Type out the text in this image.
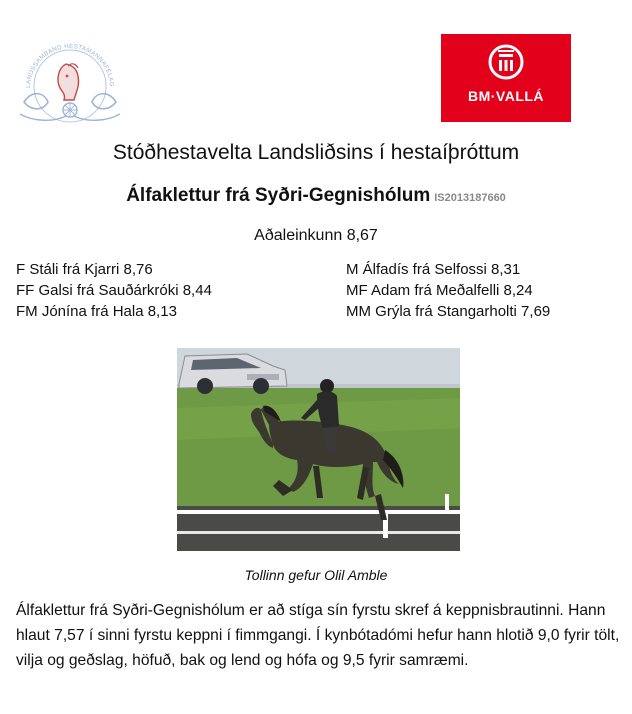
LANDSSAMBAND HESTAMANNAFÉLAG
BM·VALLÁ
Stóðhestavelta Landsliðsins í hestaíþróttum
Álfaklettur frá Syðri-Gegnishólum IS2013187660
Aðaleinkunn 8,67
F Stáli frá Kjarri 8,76
FF Galsi frá Sauðárkróki 8,44
FM Jónína frá Hala 8,13
M Álfadís frá Selfossi 8,31
MF Adam frá Meðalfelli 8,24
MM Grýla frá Stangarholti 7,69
Tollinn gefur Olil Amble
Álfaklettur frá Syðri-Gegnishólum er að stíga sín fyrstu skref á keppnisbrautinni. Hann hlaut 7,57 í sinni fyrstu keppni í fimmgangi. Í kynbótadómi hefur hann hlotið 9,0 fyrir tölt, vilja og geðslag, höfuð, bak og lend og hófa og 9,5 fyrir samræmi.
